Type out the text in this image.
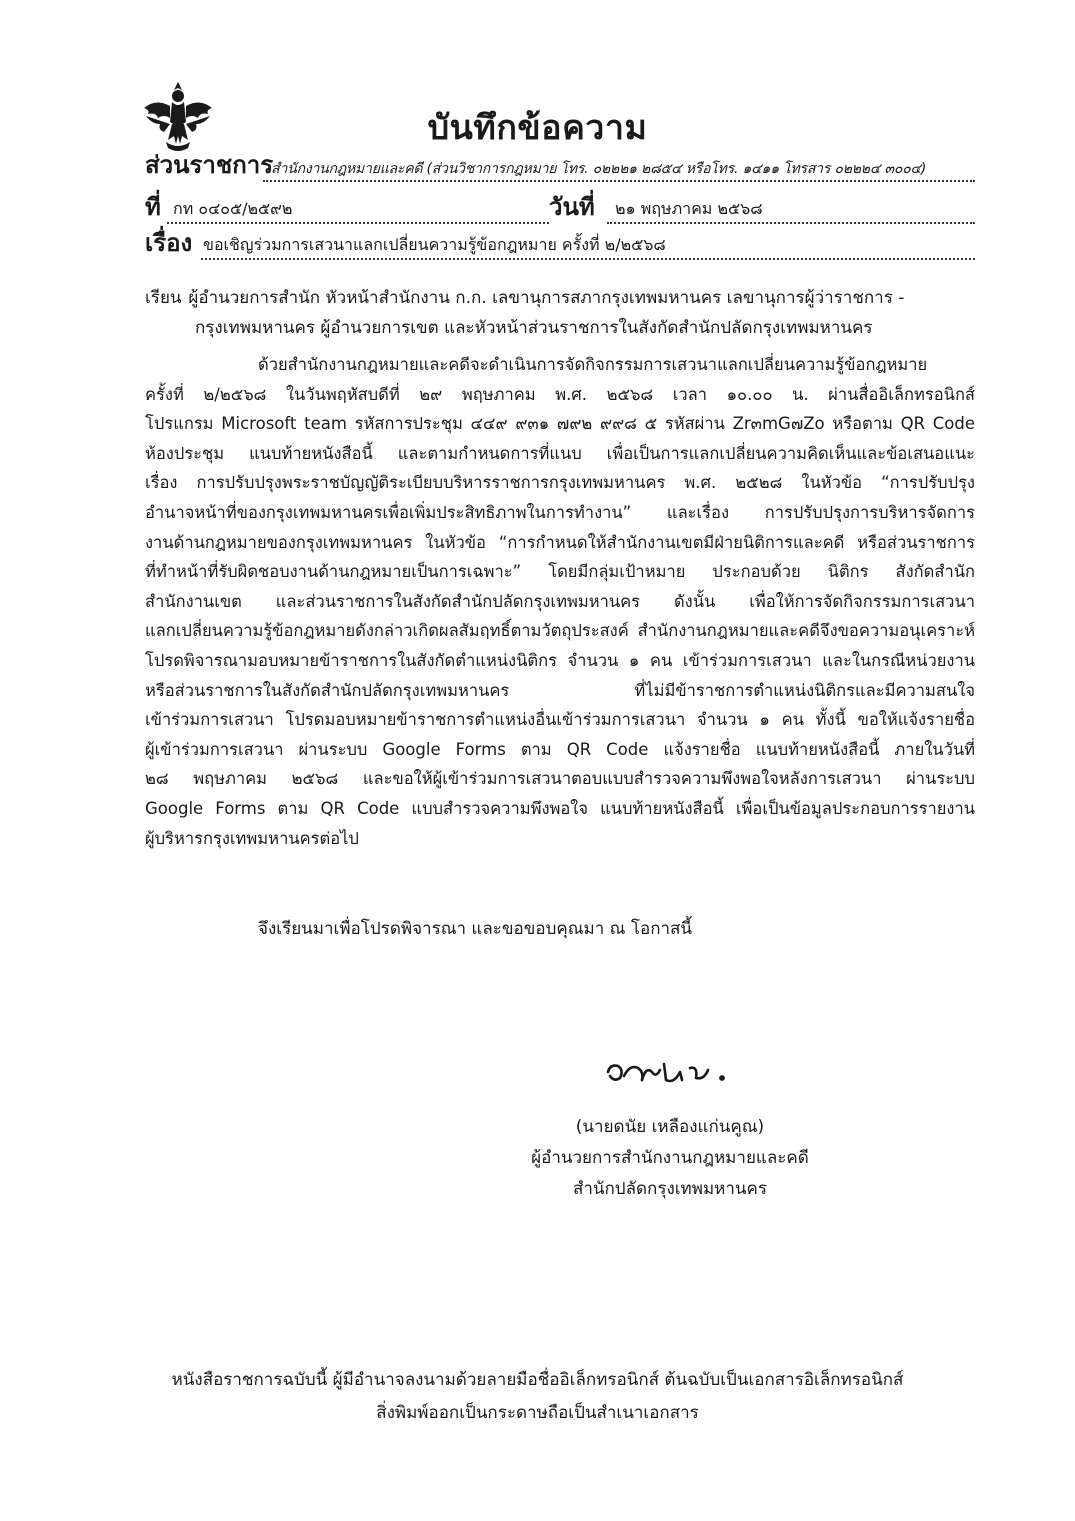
บันทึกข้อความ
ส่วนราชการ
สำนักงานกฎหมายและคดี (ส่วนวิชาการกฎหมาย โทร. ๐๒๒๒๑ ๒๘๕๔ หรือโทร. ๑๔๑๑ โทรสาร ๐๒๒๒๔ ๓๐๐๔)
ที่ กท ๐๔๐๕/๒๕๙๒	วันที่ ๒๑ พฤษภาคม ๒๕๖๘
เรื่อง ขอเชิญร่วมการเสวนาแลกเปลี่ยนความรู้ข้อกฎหมาย ครั้งที่ ๒/๒๕๖๘
เรียน ผู้อำนวยการสำนัก หัวหน้าสำนักงาน ก.ก. เลขานุการสภากรุงเทพมหานคร เลขานุการผู้ว่าราชการ -
กรุงเทพมหานคร ผู้อำนวยการเขต และหัวหน้าส่วนราชการในสังกัดสำนักปลัดกรุงเทพมหานคร
ด้วยสำนักงานกฎหมายและคดีจะดำเนินการจัดกิจกรรมการเสวนาแลกเปลี่ยนความรู้ข้อกฎหมาย
ครั้งที่ ๒/๒๕๖๘ ในวันพฤหัสบดีที่ ๒๙ พฤษภาคม พ.ศ. ๒๕๖๘ เวลา ๑๐.๐๐ น. ผ่านสื่ออิเล็กทรอนิกส์
โปรแกรม Microsoft team รหัสการประชุม ๔๔๙ ๙๓๑ ๗๙๒ ๙๙๘ ๕ รหัสผ่าน Zr๓mG๗Zo หรือตาม QR Code
ห้องประชุม แนบท้ายหนังสือนี้ และตามกำหนดการที่แนบ เพื่อเป็นการแลกเปลี่ยนความคิดเห็นและข้อเสนอแนะ
เรื่อง การปรับปรุงพระราชบัญญัติระเบียบบริหารราชการกรุงเทพมหานคร พ.ศ. ๒๕๒๘ ในหัวข้อ “การปรับปรุง
อำนาจหน้าที่ของกรุงเทพมหานครเพื่อเพิ่มประสิทธิภาพในการทำงาน” และเรื่อง การปรับปรุงการบริหารจัดการ
งานด้านกฎหมายของกรุงเทพมหานคร ในหัวข้อ “การกำหนดให้สำนักงานเขตมีฝ่ายนิติการและคดี หรือส่วนราชการ
ที่ทำหน้าที่รับผิดชอบงานด้านกฎหมายเป็นการเฉพาะ” โดยมีกลุ่มเป้าหมาย ประกอบด้วย นิติกร สังกัดสำนัก
สำนักงานเขต และส่วนราชการในสังกัดสำนักปลัดกรุงเทพมหานคร ดังนั้น เพื่อให้การจัดกิจกรรมการเสวนา
แลกเปลี่ยนความรู้ข้อกฎหมายดังกล่าวเกิดผลสัมฤทธิ์ตามวัตถุประสงค์ สำนักงานกฎหมายและคดีจึงขอความอนุเคราะห์
โปรดพิจารณามอบหมายข้าราชการในสังกัดตำแหน่งนิติกร จำนวน ๑ คน เข้าร่วมการเสวนา และในกรณีหน่วยงาน
หรือส่วนราชการในสังกัดสำนักปลัดกรุงเทพมหานคร ที่ไม่มีข้าราชการตำแหน่งนิติกรและมีความสนใจ
เข้าร่วมการเสวนา โปรดมอบหมายข้าราชการตำแหน่งอื่นเข้าร่วมการเสวนา จำนวน ๑ คน ทั้งนี้ ขอให้แจ้งรายชื่อ
ผู้เข้าร่วมการเสวนา ผ่านระบบ Google Forms ตาม QR Code แจ้งรายชื่อ แนบท้ายหนังสือนี้ ภายในวันที่
๒๘ พฤษภาคม ๒๕๖๘ และขอให้ผู้เข้าร่วมการเสวนาตอบแบบสำรวจความพึงพอใจหลังการเสวนา ผ่านระบบ
Google Forms ตาม QR Code แบบสำรวจความพึงพอใจ แนบท้ายหนังสือนี้ เพื่อเป็นข้อมูลประกอบการรายงาน
ผู้บริหารกรุงเทพมหานครต่อไป
จึงเรียนมาเพื่อโปรดพิจารณา และขอขอบคุณมา ณ โอกาสนี้
(นายดนัย เหลืองแก่นคูณ)
ผู้อำนวยการสำนักงานกฎหมายและคดี
สำนักปลัดกรุงเทพมหานคร
หนังสือราชการฉบับนี้ ผู้มีอำนาจลงนามด้วยลายมือชื่ออิเล็กทรอนิกส์ ต้นฉบับเป็นเอกสารอิเล็กทรอนิกส์
สิ่งพิมพ์ออกเป็นกระดาษถือเป็นสำเนาเอกสาร
